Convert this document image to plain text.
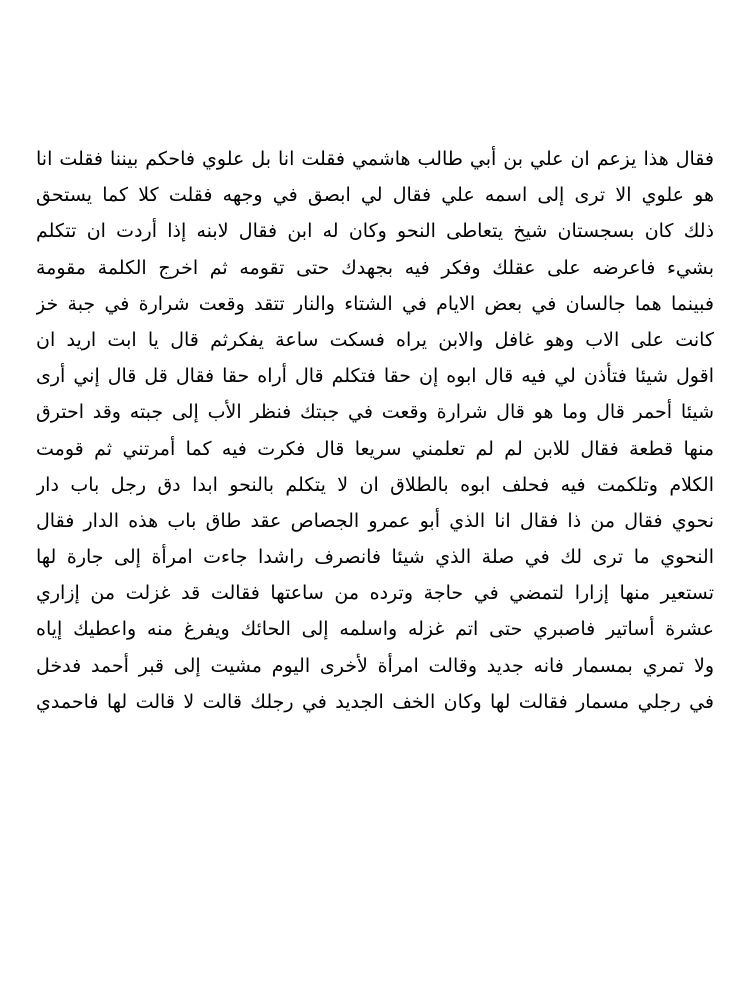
فقال هذا يزعم ان علي بن أبي طالب هاشمي فقلت انا بل علوي فاحكم بيننا فقلت انا
هو علوي الا ترى إلى اسمه علي فقال لي ابصق في وجهه فقلت كلا كما يستحق
ذلك كان بسجستان شيخ يتعاطى النحو وكان له ابن فقال لابنه إذا أردت ان تتكلم
بشيء فاعرضه على عقلك وفكر فيه بجهدك حتى تقومه ثم اخرج الكلمة مقومة
فبينما هما جالسان في بعض الايام في الشتاء والنار تتقد وقعت شرارة في جبة خز
كانت على الاب وهو غافل والابن يراه فسكت ساعة يفكرثم قال يا ابت اريد ان
اقول شيئا فتأذن لي فيه قال ابوه إن حقا فتكلم قال أراه حقا فقال قل قال إني أرى
شيئا أحمر قال وما هو قال شرارة وقعت في جبتك فنظر الأب إلى جبته وقد احترق
منها قطعة فقال للابن لم لم تعلمني سريعا قال فكرت فيه كما أمرتني ثم قومت
الكلام وتلكمت فيه فحلف ابوه بالطلاق ان لا يتكلم بالنحو ابدا دق رجل باب دار
نحوي فقال من ذا فقال انا الذي أبو عمرو الجصاص عقد طاق باب هذه الدار فقال
النحوي ما ترى لك في صلة الذي شيئا فانصرف راشدا جاءت امرأة إلى جارة لها
تستعير منها إزارا لتمضي في حاجة وترده من ساعتها فقالت قد غزلت من إزاري
عشرة أساتير فاصبري حتى اتم غزله واسلمه إلى الحائك ويفرغ منه واعطيك إياه
ولا تمري بمسمار فانه جديد وقالت امرأة لأخرى اليوم مشيت إلى قبر أحمد فدخل
في رجلي مسمار فقالت لها وكان الخف الجديد في رجلك قالت لا قالت لها فاحمدي
